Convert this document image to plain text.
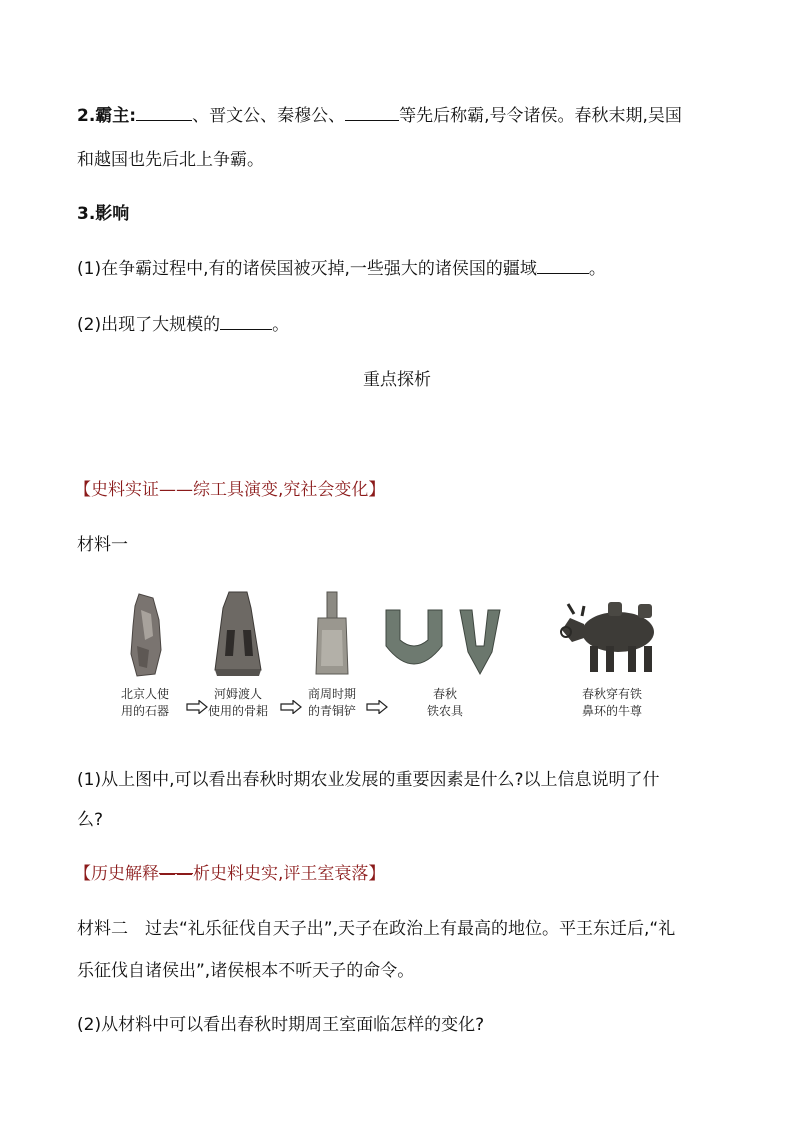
2.霸主:	、晋文公、秦穆公、	等先后称霸,号令诸侯。春秋末期,吴国
和越国也先后北上争霸。
3.影响
(1)在争霸过程中,有的诸侯国被灭掉,一些强大的诸侯国的疆域	。
(2)出现了大规模的	。
重点探析
【史料实证——综工具演变,究社会变化】
材料一
北京人使
用的石器
河姆渡人
使用的骨耜
商周时期
的青铜铲
春秋
铁农具
春秋穿有铁
鼻环的牛尊
(1)从上图中,可以看出春秋时期农业发展的重要因素是什么?以上信息说明了什
么?
【历史解释——析史料史实,评王室衰落】
材料二　过去“礼乐征伐自天子出”,天子在政治上有最高的地位。平王东迁后,“礼
乐征伐自诸侯出”,诸侯根本不听天子的命令。
(2)从材料中可以看出春秋时期周王室面临怎样的变化?
